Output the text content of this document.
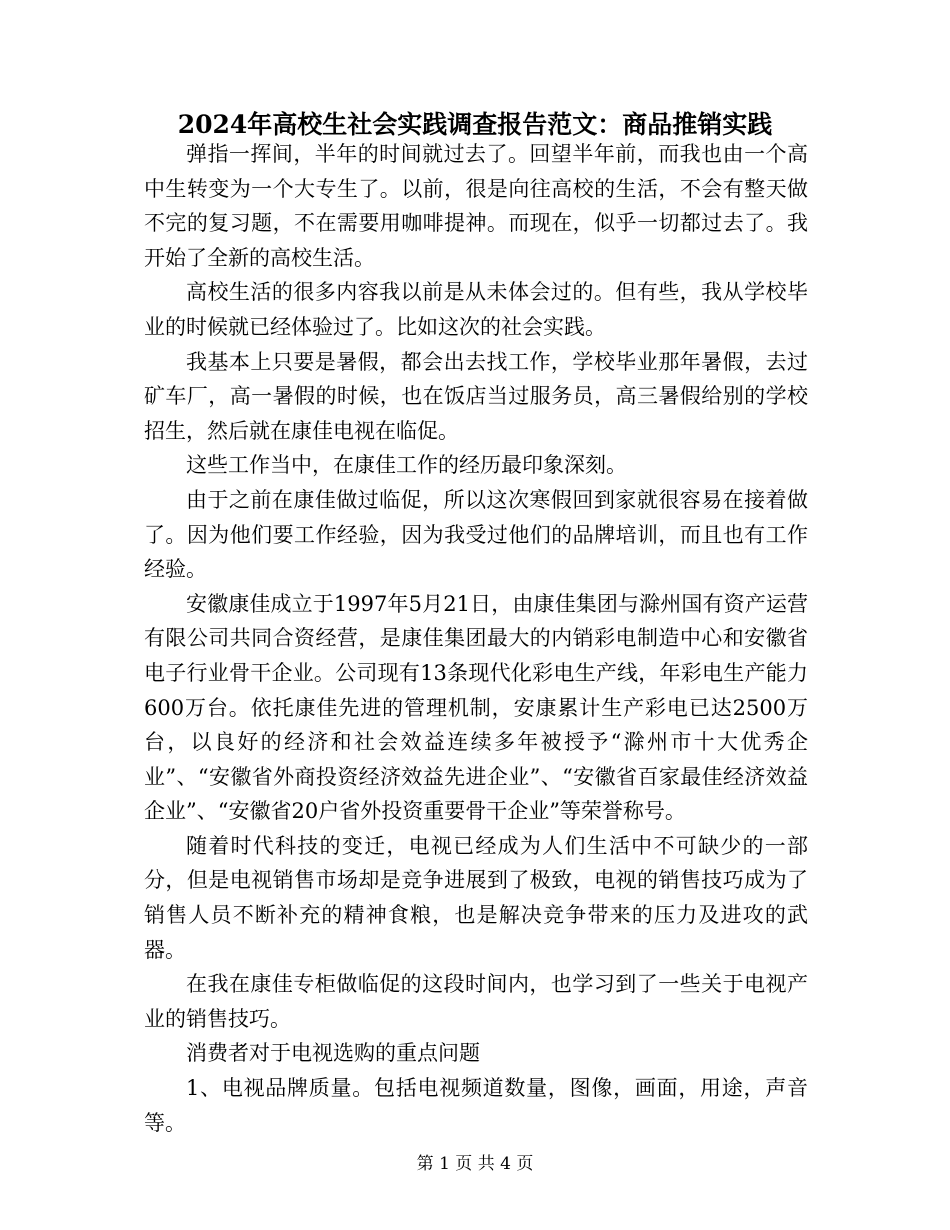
2024年高校生社会实践调查报告范文：商品推销实践

弹指一挥间，半年的时间就过去了。回望半年前，而我也由一个高中生转变为一个大专生了。以前，很是向往高校的生活，不会有整天做不完的复习题，不在需要用咖啡提神。而现在，似乎一切都过去了。我开始了全新的高校生活。

高校生活的很多内容我以前是从未体会过的。但有些，我从学校毕业的时候就已经体验过了。比如这次的社会实践。

我基本上只要是暑假，都会出去找工作，学校毕业那年暑假，去过矿车厂，高一暑假的时候，也在饭店当过服务员，高三暑假给别的学校招生，然后就在康佳电视在临促。

这些工作当中，在康佳工作的经历最印象深刻。

由于之前在康佳做过临促，所以这次寒假回到家就很容易在接着做了。因为他们要工作经验，因为我受过他们的品牌培训，而且也有工作经验。

安徽康佳成立于1997年5月21日，由康佳集团与滁州国有资产运营有限公司共同合资经营，是康佳集团最大的内销彩电制造中心和安徽省电子行业骨干企业。公司现有13条现代化彩电生产线，年彩电生产能力600万台。依托康佳先进的管理机制，安康累计生产彩电已达2500万台，以良好的经济和社会效益连续多年被授予“滁州市十大优秀企业”、“安徽省外商投资经济效益先进企业”、“安徽省百家最佳经济效益企业”、“安徽省20户省外投资重要骨干企业”等荣誉称号。

随着时代科技的变迁，电视已经成为人们生活中不可缺少的一部分，但是电视销售市场却是竞争进展到了极致，电视的销售技巧成为了销售人员不断补充的精神食粮，也是解决竞争带来的压力及进攻的武器。

在我在康佳专柜做临促的这段时间内，也学习到了一些关于电视产业的销售技巧。

消费者对于电视选购的重点问题

1、电视品牌质量。包括电视频道数量，图像，画面，用途，声音等。

第 1 页 共 4 页
